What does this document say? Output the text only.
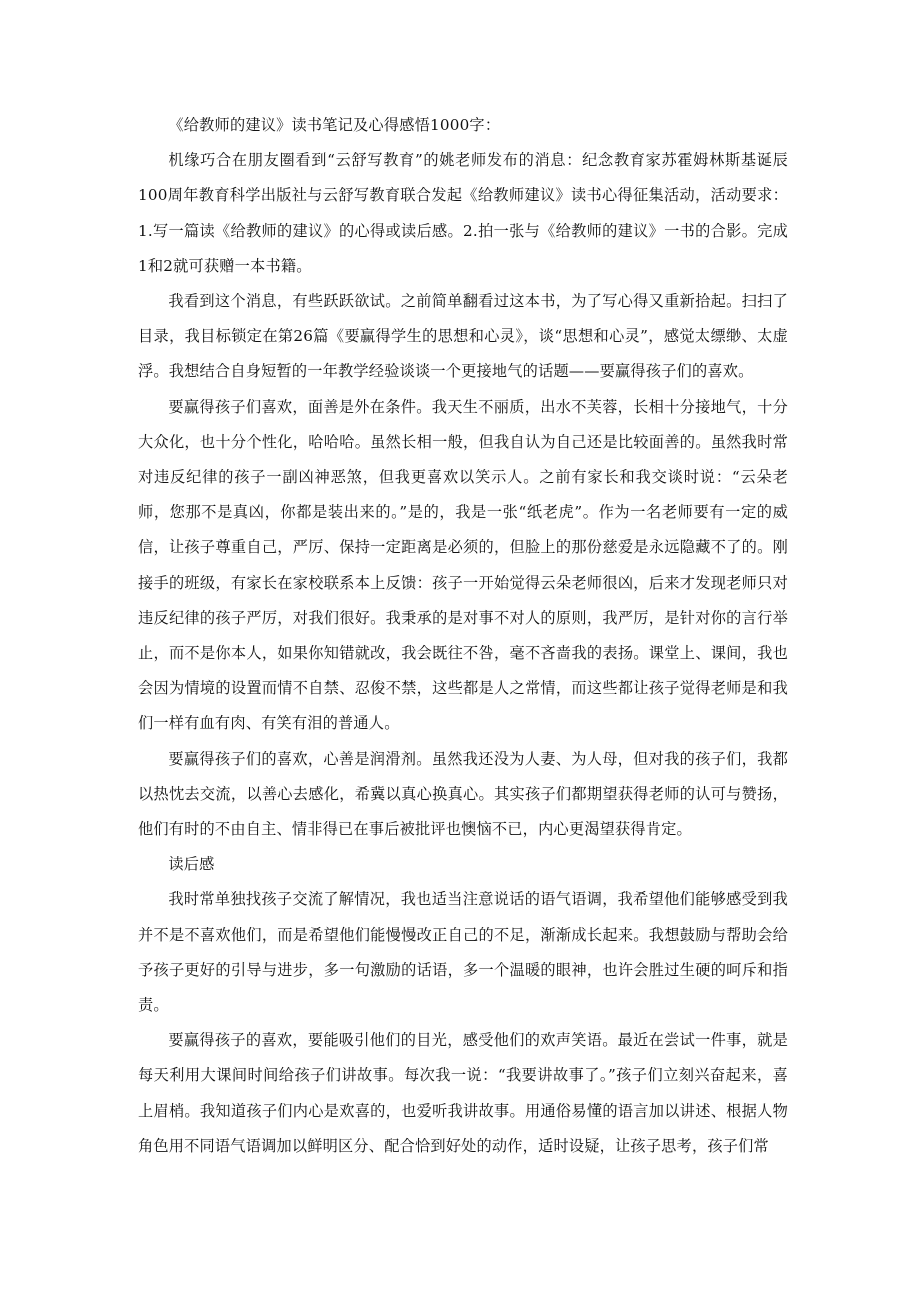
《给教师的建议》读书笔记及心得感悟1000字：

机缘巧合在朋友圈看到“云舒写教育”的姚老师发布的消息：纪念教育家苏霍姆林斯基诞辰100周年教育科学出版社与云舒写教育联合发起《给教师建议》读书心得征集活动，活动要求：1.写一篇读《给教师的建议》的心得或读后感。2.拍一张与《给教师的建议》一书的合影。完成1和2就可获赠一本书籍。

我看到这个消息，有些跃跃欲试。之前简单翻看过这本书，为了写心得又重新拾起。扫扫了目录，我目标锁定在第26篇《要赢得学生的思想和心灵》，谈“思想和心灵”，感觉太缥缈、太虚浮。我想结合自身短暂的一年教学经验谈谈一个更接地气的话题——要赢得孩子们的喜欢。

要赢得孩子们喜欢，面善是外在条件。我天生不丽质，出水不芙蓉，长相十分接地气，十分大众化，也十分个性化，哈哈哈。虽然长相一般，但我自认为自己还是比较面善的。虽然我时常对违反纪律的孩子一副凶神恶煞，但我更喜欢以笑示人。之前有家长和我交谈时说：“云朵老师，您那不是真凶，你都是装出来的。”是的，我是一张“纸老虎”。作为一名老师要有一定的威信，让孩子尊重自己，严厉、保持一定距离是必须的，但脸上的那份慈爱是永远隐藏不了的。刚接手的班级，有家长在家校联系本上反馈：孩子一开始觉得云朵老师很凶，后来才发现老师只对违反纪律的孩子严厉，对我们很好。我秉承的是对事不对人的原则，我严厉，是针对你的言行举止，而不是你本人，如果你知错就改，我会既往不咎，毫不吝啬我的表扬。课堂上、课间，我也会因为情境的设置而情不自禁、忍俊不禁，这些都是人之常情，而这些都让孩子觉得老师是和我们一样有血有肉、有笑有泪的普通人。

要赢得孩子们的喜欢，心善是润滑剂。虽然我还没为人妻、为人母，但对我的孩子们，我都以热忱去交流，以善心去感化，希冀以真心换真心。其实孩子们都期望获得老师的认可与赞扬，他们有时的不由自主、情非得已在事后被批评也懊恼不已，内心更渴望获得肯定。

读后感

我时常单独找孩子交流了解情况，我也适当注意说话的语气语调，我希望他们能够感受到我并不是不喜欢他们，而是希望他们能慢慢改正自己的不足，渐渐成长起来。我想鼓励与帮助会给予孩子更好的引导与进步，多一句激励的话语，多一个温暖的眼神，也许会胜过生硬的呵斥和指责。

要赢得孩子的喜欢，要能吸引他们的目光，感受他们的欢声笑语。最近在尝试一件事，就是每天利用大课间时间给孩子们讲故事。每次我一说：“我要讲故事了。”孩子们立刻兴奋起来，喜上眉梢。我知道孩子们内心是欢喜的，也爱听我讲故事。用通俗易懂的语言加以讲述、根据人物角色用不同语气语调加以鲜明区分、配合恰到好处的动作，适时设疑，让孩子思考，孩子们常
